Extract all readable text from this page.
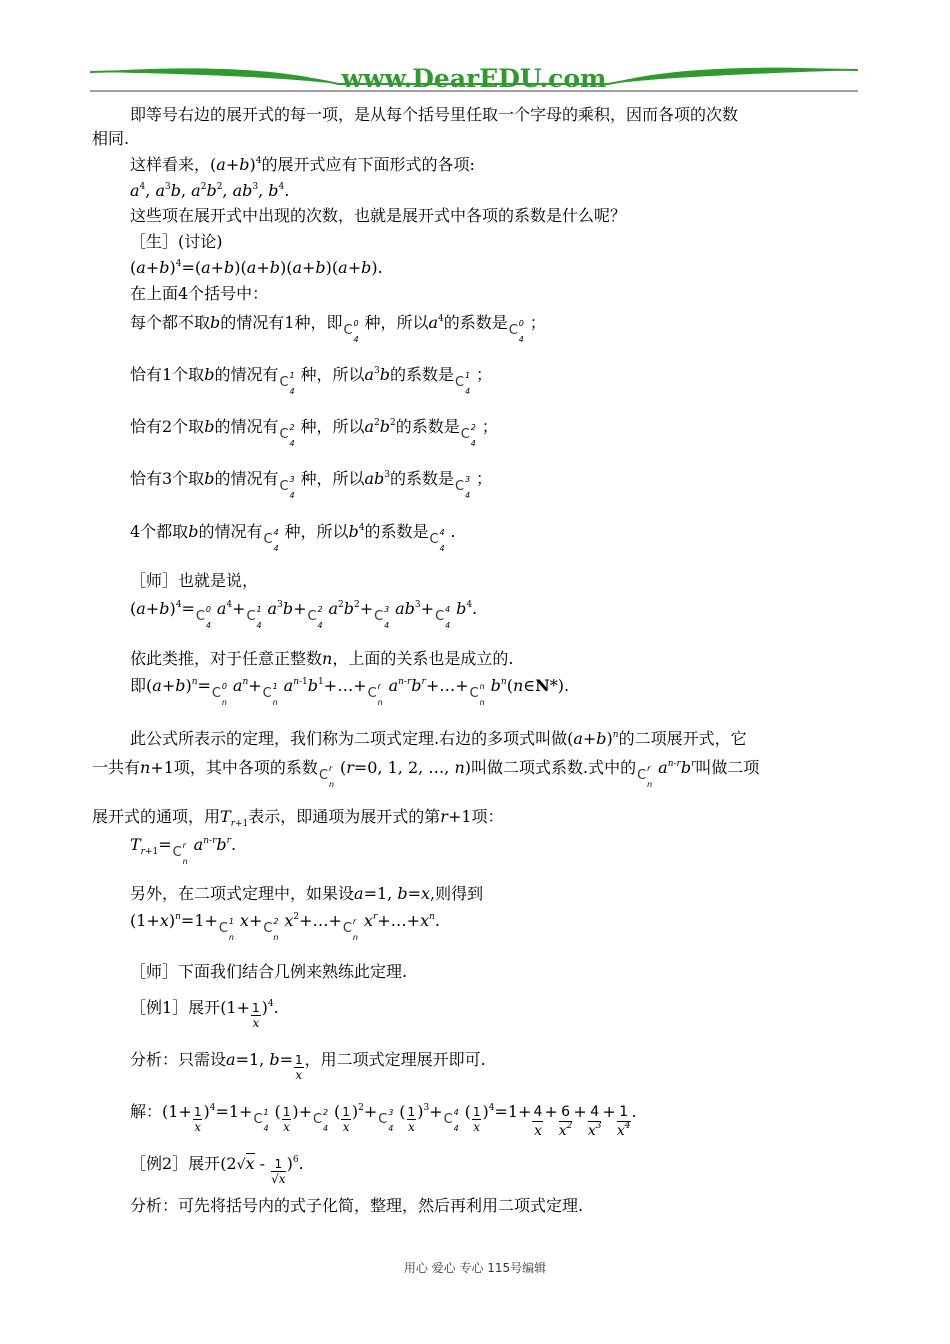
www.DearEDU.com
即等号右边的展开式的每一项，是从每个括号里任取一个字母的乘积，因而各项的次数
相同.
这样看来，$(a+b)^4$的展开式应有下面形式的各项:
$a^4$, $a^3b$, $a^2b^2$, $ab^3$, $b^4$.
这些项在展开式中出现的次数，也就是展开式中各项的系数是什么呢？
［生］(讨论)
$(a+b)^4=(a+b)(a+b)(a+b)(a+b)$.
在上面4个括号中：
每个都不取b的情况有1种，即 C 0
4
种，所以$a^4$的系数是 C 0
4
；
恰有1个取b的情况有 C 1
4
种，所以$a^3b$的系数是 C 1
4
；
恰有2个取b的情况有 C 2
4
种，所以$a^2b^2$的系数是 C 2
4
；
恰有3个取b的情况有 C 3
4
种，所以$ab^3$的系数是 C 3
4
；
4个都取b的情况有 C 4
4
种，所以$b^4$的系数是 C 4
4
.
［师］也就是说，
$(a+b)^4= C$ 0
4
$a^4+ C$ 1
4
$a^3b+ C$ 2
4
$a^2b^2+ C$ 3
4
$ab^3+ C$ 4
4
$b^4$.
依此类推，对于任意正整数n，上面的关系也是成立的.
即$(a+b)^n= C$ 0
n
$a^n+ C$ 1
n
$a^{n-1}b^1+\dots+ C$ r
n
$a^{n-r}b^r+\dots+ C$ n
n
$b^n(n\in N*)$.
此公式所表示的定理，我们称为二项式定理.右边的多项式叫做$(a+b)^n$的二项展开式，它
一共有n+1项，其中各项的系数 C r
n
(r=0, 1, 2, …, n)叫做二项式系数.式中的 C r
n
$a^{n-r}b^r$叫做二项
展开式的通项，用$T_{r+1}$表示，即通项为展开式的第r+1项：
$T_{r+1}= C$ r
n
$a^{n-r}b^r$.
另外，在二项式定理中，如果设a=1, b=x,则得到
$(1+x)^n=1+ C$ 1
n
x+ C 2
n
$x^2+\dots+ C$ r
n
$x^r+\dots+x^n$.
［师］下面我们结合几例来熟练此定理.
［例1］展开$(1+ \frac{1}{x} )^4$.
分析：只需设a=1, $b= \frac{1}{x}$ ，用二项式定理展开即可.
解：$(1+ \frac{1}{x} )^4=1+ C$ 1
4
( $\frac{1}{x}$ )+ C 2
4
( $\frac{1}{x} )^2+ C$ 3
4
( $\frac{1}{x} )^3+ C$ 4
4
( $\frac{1}{x} )^4=1+ \frac{4}{x} + \frac{6}{x^2} + \frac{4}{x^3} + \frac{1}{x^4}$ .
［例2］展开$(2√x - \frac{1}{√x} )^6$.
分析：可先将括号内的式子化简，整理，然后再利用二项式定理.
用心 爱心 专心 115号编辑
